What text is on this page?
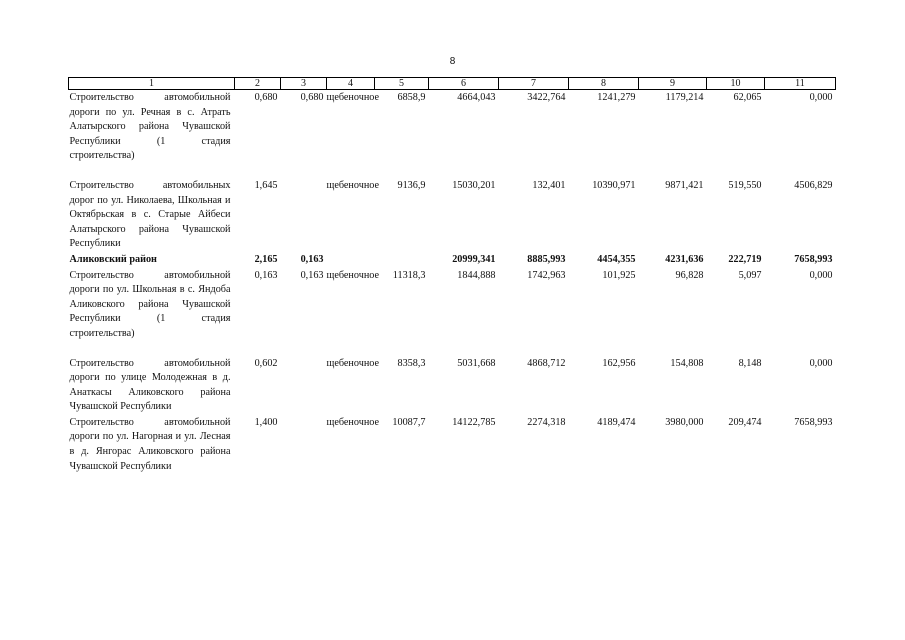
8
1	2	3	4	5	6	7	8	9	10	11
Строительство автомобильной дороги по ул. Речная в с. Атрать Алатырского района Чувашской Республики (1 стадия строительства)	0,680	0,680	щебеночное	6858,9	4664,043	3422,764	1241,279	1179,214	62,065	0,000
Строительство автомобильных дорог по ул. Николаева, Школьная и Октябрьская в с. Старые Айбеси Алатырского района Чувашской Республики	1,645		щебеночное	9136,9	15030,201	132,401	10390,971	9871,421	519,550	4506,829
Аликовский район	2,165	0,163			20999,341	8885,993	4454,355	4231,636	222,719	7658,993
Строительство автомобильной дороги по ул. Школьная в с. Яндоба Аликовского района Чувашской Республики (1 стадия строительства)	0,163	0,163	щебеночное	11318,3	1844,888	1742,963	101,925	96,828	5,097	0,000
Строительство автомобильной дороги по улице Молодежная в д. Анаткасы Аликовского района Чувашской Республики	0,602		щебеночное	8358,3	5031,668	4868,712	162,956	154,808	8,148	0,000
Строительство автомобильной дороги по ул. Нагорная и ул. Лесная в д. Янгорас Аликовского района Чувашской Республики	1,400		щебеночное	10087,7	14122,785	2274,318	4189,474	3980,000	209,474	7658,993
